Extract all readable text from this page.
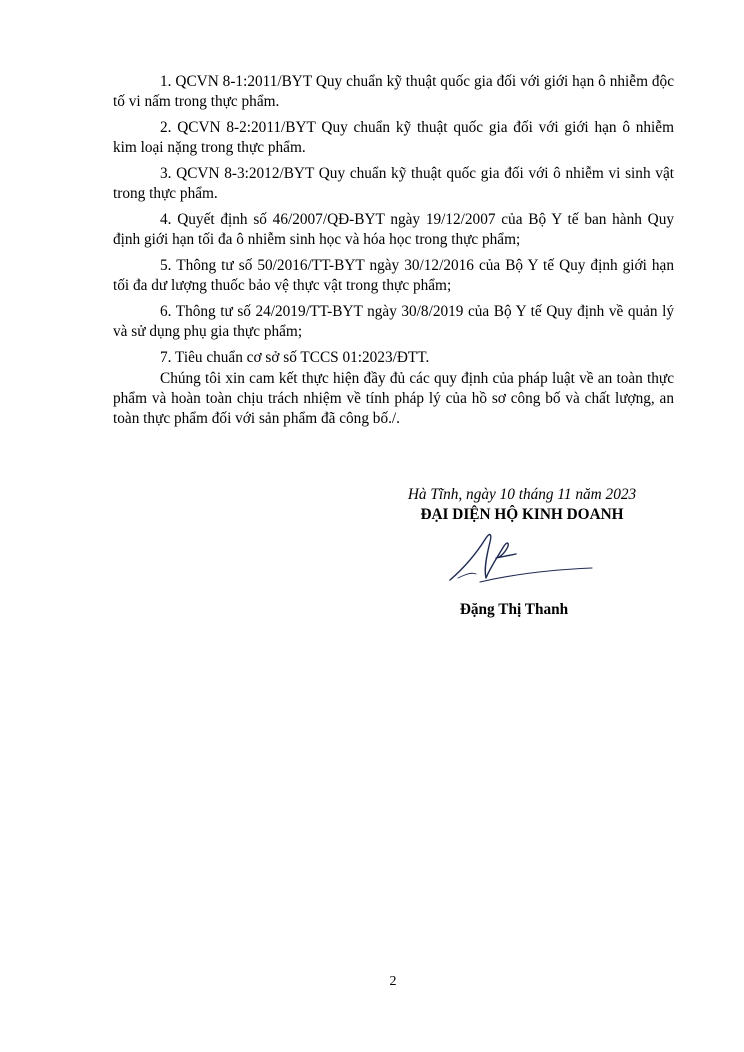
1. QCVN 8-1:2011/BYT Quy chuẩn kỹ thuật quốc gia đối với giới hạn ô nhiễm độc tố vi nấm trong thực phẩm.

2. QCVN 8-2:2011/BYT Quy chuẩn kỹ thuật quốc gia đối với giới hạn ô nhiễm kim loại nặng trong thực phẩm.

3. QCVN 8-3:2012/BYT Quy chuẩn kỹ thuật quốc gia đối với ô nhiễm vi sinh vật trong thực phẩm.

4. Quyết định số 46/2007/QĐ-BYT ngày 19/12/2007 của Bộ Y tế ban hành Quy định giới hạn tối đa ô nhiễm sinh học và hóa học trong thực phẩm;

5. Thông tư số 50/2016/TT-BYT ngày 30/12/2016 của Bộ Y tế Quy định giới hạn tối đa dư lượng thuốc bảo vệ thực vật trong thực phẩm;

6. Thông tư số 24/2019/TT-BYT ngày 30/8/2019 của Bộ Y tế Quy định về quản lý và sử dụng phụ gia thực phẩm;

7. Tiêu chuẩn cơ sở số TCCS 01:2023/ĐTT.

Chúng tôi xin cam kết thực hiện đầy đủ các quy định của pháp luật về an toàn thực phẩm và hoàn toàn chịu trách nhiệm về tính pháp lý của hồ sơ công bố và chất lượng, an toàn thực phẩm đối với sản phẩm đã công bố./.

Hà Tĩnh, ngày 10 tháng 11 năm 2023
ĐẠI DIỆN HỘ KINH DOANH
Đặng Thị Thanh
2
